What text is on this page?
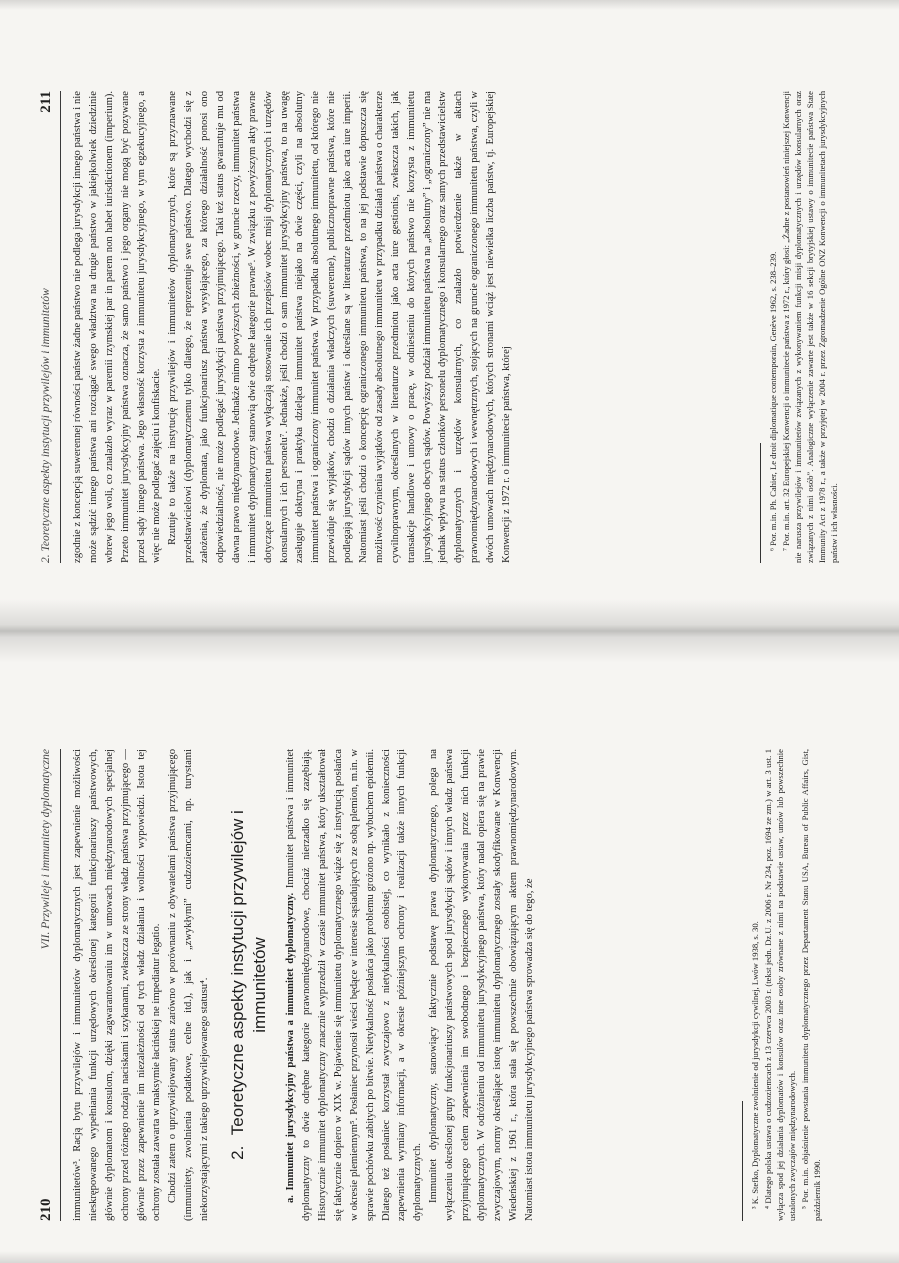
210
VII. Przywileje i immunitety dyplomatyczne immunitetów³. Racją bytu przywilejów i immunitetów dyplomatycznych jest zapewnienie możliwości nieskrępowanego wypełniania funkcji urzędowych określonej kategorii funkcjonariuszy państwowych, głównie dyplomatom i konsulom, dzięki zagwarantowaniu im w umowach międzynarodowych specjalnej ochrony przed różnego rodzaju naciskami i szykanami, zwłaszcza ze strony władz państwa przyjmującego — głównie przez zapewnienie im niezależności od tych władz działania i wolności wypowiedzi. Istota tej ochrony została zawarta w maksymie łacińskiej ne impediatur legatio. Chodzi zatem o uprzywilejowany status zarówno w porównaniu z obywatelami państwa przyjmującego (immunitety, zwolnienia podatkowe, celne itd.), jak i „zwykłymi” cudzoziemcami, np. turystami niekorzystającymi z takiego uprzywilejowanego statusu⁴. 2. Teoretyczne aspekty instytucji przywilejów i immunitetów a. Immunitet jurysdykcyjny państwa a immunitet dyplomatyczny. Immunitet państwa i immunitet dyplomatyczny to dwie odrębne kategorie prawnomiędzynarodowe, chociaż nierzadko się zazębiają. Historycznie immunitet dyplomatyczny znacznie wyprzedził w czasie immunitet państwa, który ukształtował się faktycznie dopiero w XIX w. Pojawienie się immunitetu dyplomatycznego wiąże się z instytucją posłańca w okresie plemiennym⁵. Posłaniec przynosił wieści będące w interesie sąsiadujących ze sobą plemion, m.in. w sprawie pochówku zabitych po bitwie. Nietykalność posłańca jako problemu grożono np. wybuchem epidemii. Dlatego też posłaniec korzystał zwyczajowo z nietykalności osobistej, co wynikało z konieczności zapewnienia wymiany informacji, a w okresie późniejszym ochrony i realizacji także innych funkcji dyplomatycznych. Immunitet dyplomatyczny, stanowiący faktycznie podstawę prawa dyplomatycznego, polega na wyłączeniu określonej grupy funkcjonariuszy państwowych spod jurysdykcji sądów i innych władz państwa przyjmującego celem zapewnienia im swobodnego i bezpiecznego wykonywania przez nich funkcji dyplomatycznych. W odróżnieniu od immunitetu jurysdykcyjnego państwa, który nadal opiera się na prawie zwyczajowym, normy określające istotę immunitetu dyplomatycznego zostały skodyfikowane w Konwencji Wiedeńskiej z 1961 r., która stała się powszechnie obowiązującym aktem prawnomiędzynarodowym. Natomiast istota immunitetu jurysdykcyjnego państwa sprowadza się do tego, że	³ K. Stefko, Dyplomatyczne zwolnienie od jurysdykcji cywilnej, Lwów 1938, s. 30. ⁴ Dlatego polska ustawa o cudzoziemcach z 13 czerwca 2003 r. (tekst jedn. Dz.U. z 2006 r. Nr 234, poz. 1694 ze zm.) w art. 3 ust. 1 wyłącza spod jej działania dyplomatów i konsulów oraz inne osoby zrównane z nimi na podstawie ustaw, umów lub powszechnie ustalonych zwyczajów międzynarodowych. ⁵ Por. m.in. objaśnienie powstania immunitetu dyplomatycznego przez Departament Stanu USA, Bureau of Public Affairs, Gist, październik 1990.

2. Teoretyczne aspekty instytucji przywilejów i immunitetów
211 zgodnie z koncepcją suwerennej równości państw żadne państwo nie podlega jurysdykcji innego państwa i nie może sądzić innego państwa ani rozciągać swego władztwa na drugie państwo w jakiejkolwiek dziedzinie wbrew jego woli, co znalazło wyraz w paremii rzymskiej par in parem non habet iurisdictionem (imperium). Przeto immunitet jurysdykcyjny państwa oznacza, że samo państwo i jego organy nie mogą być pozywane przed sądy innego państwa. Jego własność korzysta z immunitetu jurysdykcyjnego, w tym egzekucyjnego, a więc nie może podlegać zajęciu i konfiskacie. Rzutuje to także na instytucję przywilejów i immunitetów dyplomatycznych, które są przyznawane przedstawicielowi (dyplomatycznemu tylko dlatego, że reprezentuje swe państwo. Dlatego wychodzi się z założenia, że dyplomata, jako funkcjonariusz państwa wysyłającego, za którego działalność ponosi ono odpowiedzialność, nie może podlegać jurysdykcji państwa przyjmującego. Taki też status gwarantuje mu od dawna prawo międzynarodowe. Jednakże mimo powyższych zbieżności, w gruncie rzeczy, immunitet państwa i immunitet dyplomatyczny stanowią dwie odrębne kategorie prawne⁶. W związku z powyższym akty prawne dotyczące immunitetu państwa wyłączają stosowanie ich przepisów wobec misji dyplomatycznych i urzędów konsularnych i ich personelu⁷. Jednakże, jeśli chodzi o sam immunitet jurysdykcyjny państwa, to na uwagę zasługuje doktryna i praktyka dzieląca immunitet państwa niejako na dwie części, czyli na absolutny immunitet państwa i ograniczony immunitet państwa. W przypadku absolutnego immunitetu, od którego nie przewiduje się wyjątków, chodzi o działania władczych (suwerenne), publicznoprawne państwa, które nie podlegają jurysdykcji sądów innych państw i określane są w literaturze przedmiotu jako acta iure imperii. Natomiast jeśli chodzi o koncepcję ograniczonego immunitetu państwa, to na jej podstawie dopuszcza się możliwość czynienia wyjątków od zasady absolutnego immunitetu w przypadku działań państwa o charakterze cywilnoprawnym, określanych w literaturze przedmiotu jako acta iure gestionis, zwłaszcza takich, jak transakcje handlowe i umowy o pracę, w odniesieniu do których państwo nie korzysta z immunitetu jurysdykcyjnego obcych sądów. Powyższy podział immunitetu państwa na „absolutny” i „ograniczony” nie ma jednak wpływu na status członków personelu dyplomatycznego i konsularnego oraz samych przedstawicielstw dyplomatycznych i urzędów konsularnych, co znalazło potwierdzenie także w aktach prawnomiędzynarodowych i wewnętrznych, stojących na gruncie ograniczonego immunitetu państwa, czyli w dwóch umowach międzynarodowych, których stronami wciąż jest niewielka liczba państw, tj. Europejskiej Konwencji z 1972 r. o immunitecie państwa, której	⁶ Por. m.in. Ph. Cahier, Le droit diplomatique contemporain, Genève 1962, s. 238–239. ⁷ Por. m.in. art. 32 Europejskiej Konwencji o immunitecie państwa z 1972 r., który głosi: „Żadne z postanowień niniejszej Konwencji nie narusza przywilejów i immunitetów związanych z wykonywaniem funkcji misji dyplomatycznych i urzędów konsularnych oraz związanych z nimi osób”. Analogiczne wyłączenie zawarte jest także w 16 sekcji brytyjskiej ustawy o immunitecie państwa State Immunity Act z 1978 r., a także w przyjętej w 2004 r. przez Zgromadzenie Ogólne ONZ Konwencji o immunitetach jurysdykcyjnych państw i ich własności.
